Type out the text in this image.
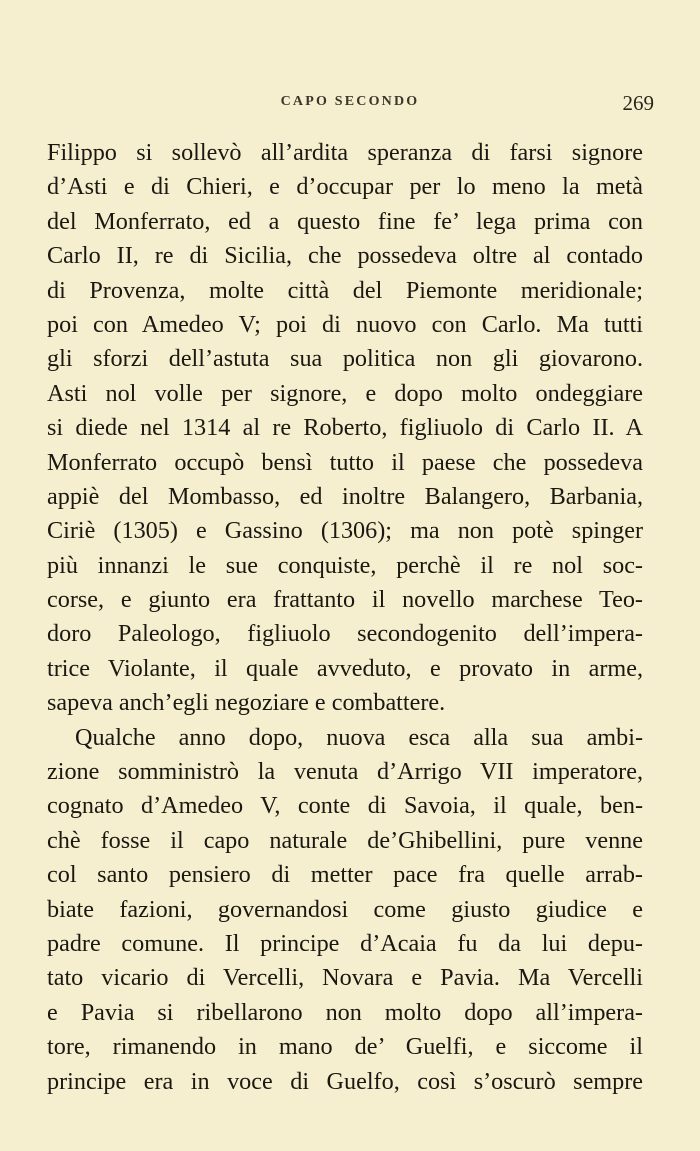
CAPO SECONDO	269
Filippo si sollevò all’ardita speranza di farsi signore
d’Asti e di Chieri, e d’occupar per lo meno la metà
del Monferrato, ed a questo fine fe’ lega prima con
Carlo II, re di Sicilia, che possedeva oltre al contado
di Provenza, molte città del Piemonte meridionale;
poi con Amedeo V; poi di nuovo con Carlo. Ma tutti
gli sforzi dell’astuta sua politica non gli giovarono.
Asti nol volle per signore, e dopo molto ondeggiare
si diede nel 1314 al re Roberto, figliuolo di Carlo II. A
Monferrato occupò bensì tutto il paese che possedeva
appiè del Mombasso, ed inoltre Balangero, Barbania,
Ciriè (1305) e Gassino (1306); ma non potè spinger
più innanzi le sue conquiste, perchè il re nol soc-
corse, e giunto era frattanto il novello marchese Teo-
doro Paleologo, figliuolo secondogenito dell’impera-
trice Violante, il quale avveduto, e provato in arme,
sapeva anch’egli negoziare e combattere.
Qualche anno dopo, nuova esca alla sua ambi-
zione somministrò la venuta d’Arrigo VII imperatore,
cognato d’Amedeo V, conte di Savoia, il quale, ben-
chè fosse il capo naturale de’Ghibellini, pure venne
col santo pensiero di metter pace fra quelle arrab-
biate fazioni, governandosi come giusto giudice e
padre comune. Il principe d’Acaia fu da lui depu-
tato vicario di Vercelli, Novara e Pavia. Ma Vercelli
e Pavia si ribellarono non molto dopo all’impera-
tore, rimanendo in mano de’ Guelfi, e siccome il
principe era in voce di Guelfo, così s’oscurò sempre
